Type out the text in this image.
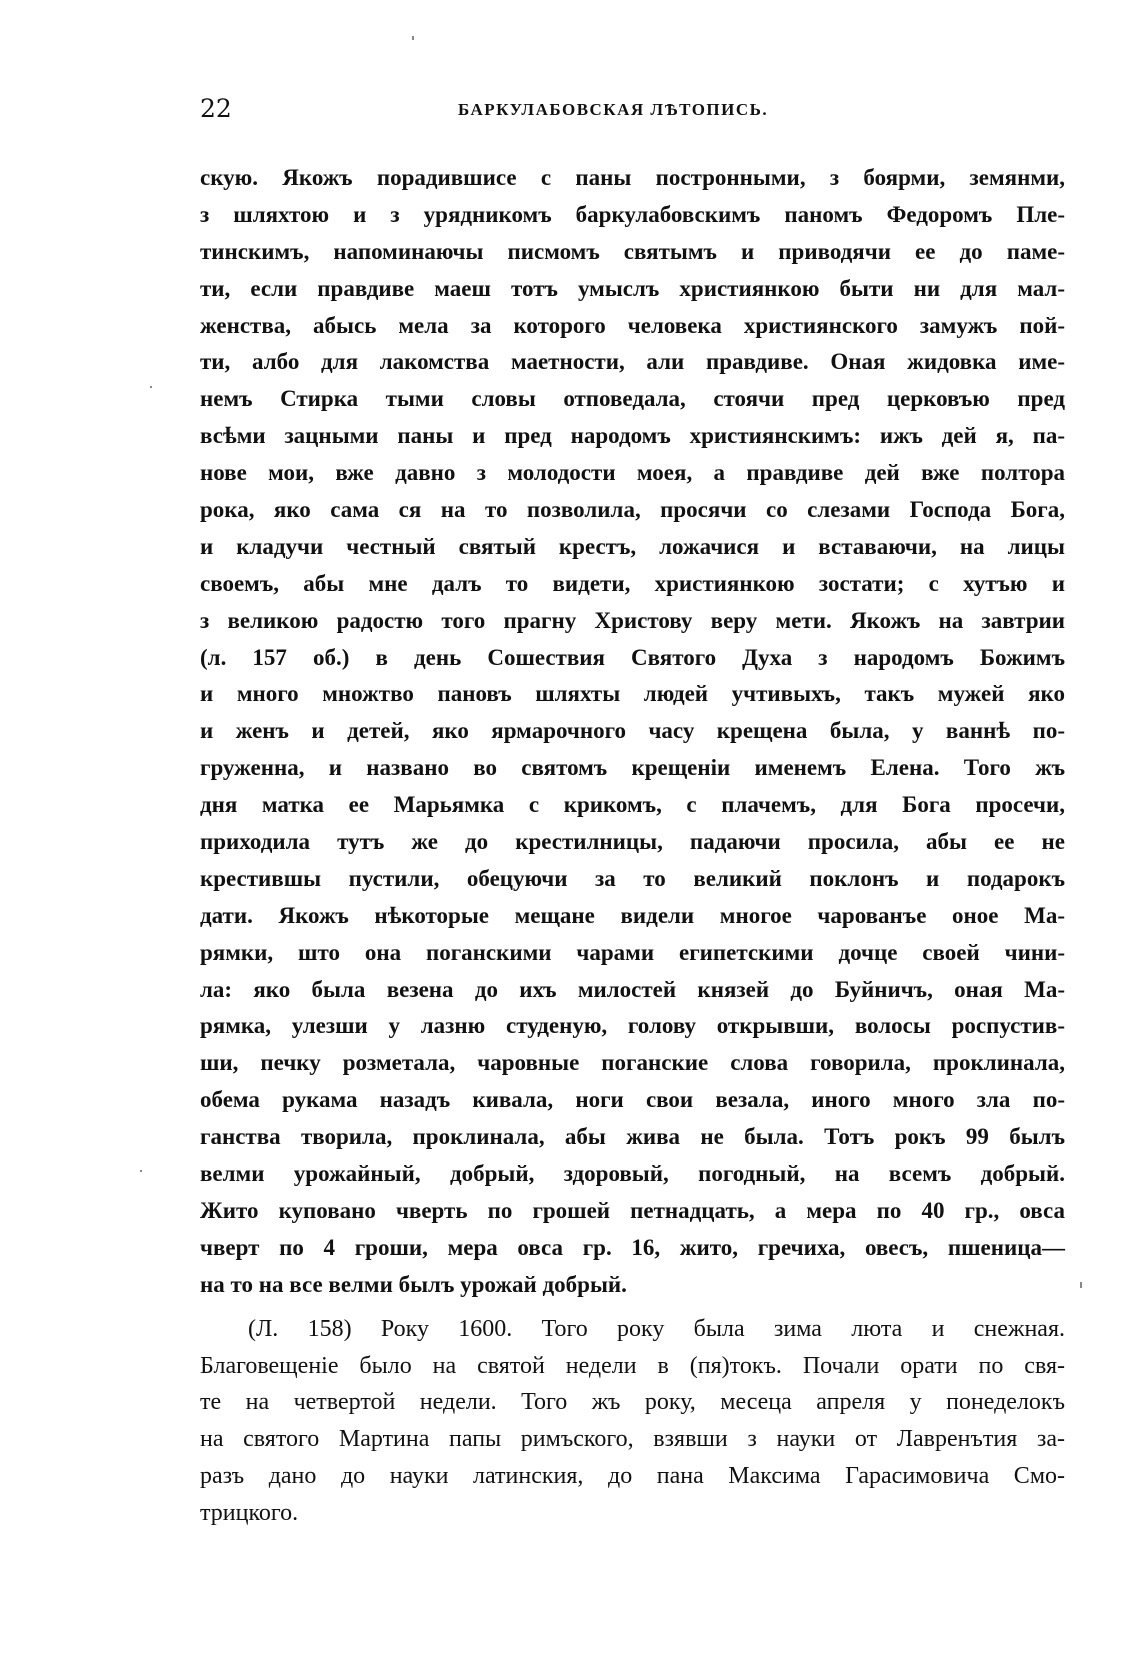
22	БАРКУЛАБОВСКАЯ ЛѢТОПИСЬ.
скую. Якожъ порадившисе с паны постронными, з боярми, земянми,
з шляхтою и з урядникомъ баркулабовскимъ паномъ Федоромъ Пле-
тинскимъ, напоминаючы писмомъ святымъ и приводячи ее до паме-
ти, если правдиве маеш тотъ умыслъ християнкою быти ни для мал-
женства, абысь мела за которого человека християнского замужъ пой-
ти, албо для лакомства маетности, али правдиве. Оная жидовка име-
немъ Стирка тыми словы отповедала, стоячи пред церковъю пред
всѣми зацными паны и пред народомъ християнскимъ: ижъ дей я, па-
нове мои, вже давно з молодости моея, а правдиве дей вже полтора
рока, яко сама ся на то позволила, просячи со слезами Господа Бога,
и кладучи честный святый крестъ, ложачися и вставаючи, на лицы
своемъ, абы мне далъ то видети, християнкою зостати; с хутъю и
з великою радостю того прагну Христову веру мети. Якожъ на завтрии
(л. 157 об.) в день Сошествия Святого Духа з народомъ Божимъ
и много множтво пановъ шляхты людей учтивыхъ, такъ мужей яко
и женъ и детей, яко ярмарочного часу крещена была, у ваннѣ по-
груженна, и названо во святомъ крещенiи именемъ Елена. Того жъ
дня матка ее Марьямка с крикомъ, с плачемъ, для Бога просечи,
приходила тутъ же до крестилницы, падаючи просила, абы ее не
крестившы пустили, обецуючи за то великий поклонъ и подарокъ
дати. Якожъ нѣкоторые мещане видели многое чарованъе оное Ма-
рямки, што она поганскими чарами египетскими дочце своей чини-
ла: яко была везена до ихъ милостей князей до Буйничъ, оная Ма-
рямка, улезши у лазню студеную, голову открывши, волосы роспустив-
ши, печку розметала, чаровные поганские слова говорила, проклинала,
обема рукама назадъ кивала, ноги свои везала, иного много зла по-
ганства творила, проклинала, абы жива не была. Тотъ рокъ 99 былъ
велми урожайный, добрый, здоровый, погодный, на всемъ добрый.
Жито куповано чверть по грошей петнадцать, а мера по 40 гр., овса
чверт по 4 гроши, мера овса гр. 16, жито, гречиха, овесъ, пшеница—
на то на все велми былъ урожай добрый.
(Л. 158) Року 1600. Того року была зима люта и снежная.
Благовещенiе было на святой недели в (пя)токъ. Почали орати по свя-
те на четвертой недели. Того жъ року, месеца апреля у понеделокъ
на святого Мартина папы римъского, взявши з науки от Лавренътия за-
разъ дано до науки латинския, до пана Максима Гарасимовича Смо-
трицкого.
